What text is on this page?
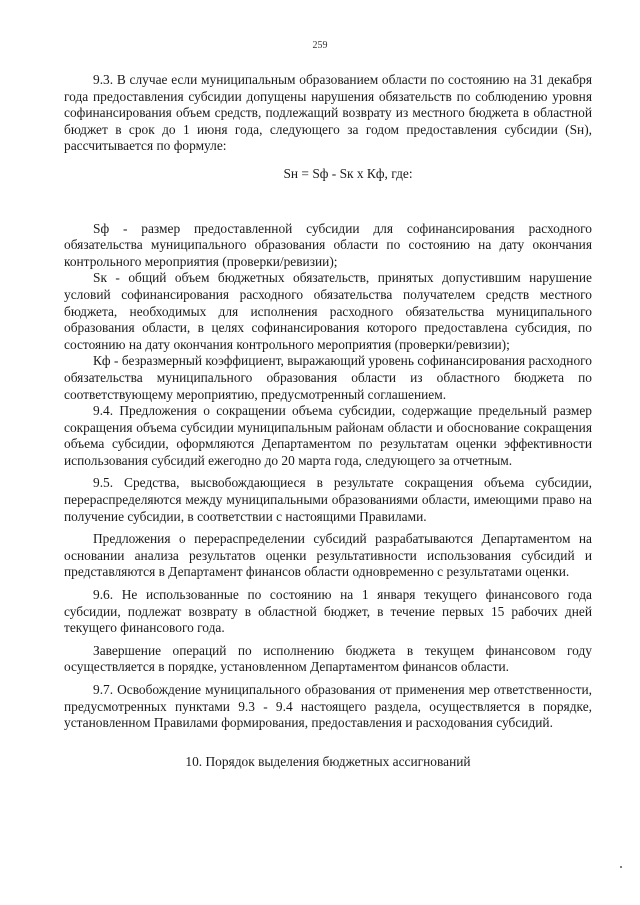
259

9.3. В случае если муниципальным образованием области по состоянию на 31 декабря года предоставления субсидии допущены нарушения обязательств по соблюдению уровня софинансирования объем средств, подлежащий возврату из местного бюджета в областной бюджет в срок до 1 июня года, следующего за годом предоставления субсидии (Sн), рассчитывается по формуле:

Sн = Sф - Sк x Кф, где:

Sф - размер предоставленной субсидии для софинансирования расходного обязательства муниципального образования области по состоянию на дату окончания контрольного мероприятия (проверки/ревизии);

Sк - общий объем бюджетных обязательств, принятых допустившим нарушение условий софинансирования расходного обязательства получателем средств местного бюджета, необходимых для исполнения расходного обязательства муниципального образования области, в целях софинансирования которого предоставлена субсидия, по состоянию на дату окончания контрольного мероприятия (проверки/ревизии);

Кф - безразмерный коэффициент, выражающий уровень софинансирования расходного обязательства муниципального образования области из областного бюджета по соответствующему мероприятию, предусмотренный соглашением.

9.4. Предложения о сокращении объема субсидии, содержащие предельный размер сокращения объема субсидии муниципальным районам области и обоснование сокращения объема субсидии, оформляются Департаментом по результатам оценки эффективности использования субсидий ежегодно до 20 марта года, следующего за отчетным.

9.5. Средства, высвобождающиеся в результате сокращения объема субсидии, перераспределяются между муниципальными образованиями области, имеющими право на получение субсидии, в соответствии с настоящими Правилами.

Предложения о перераспределении субсидий разрабатываются Департаментом на основании анализа результатов оценки результативности использования субсидий и представляются в Департамент финансов области одновременно с результатами оценки.

9.6. Не использованные по состоянию на 1 января текущего финансового года субсидии, подлежат возврату в областной бюджет, в течение первых 15 рабочих дней текущего финансового года.

Завершение операций по исполнению бюджета в текущем финансовом году осуществляется в порядке, установленном Департаментом финансов области.

9.7. Освобождение муниципального образования от применения мер ответственности, предусмотренных пунктами 9.3 - 9.4 настоящего раздела, осуществляется в порядке, установленном Правилами формирования, предоставления и расходования субсидий.

10. Порядок выделения бюджетных ассигнований
